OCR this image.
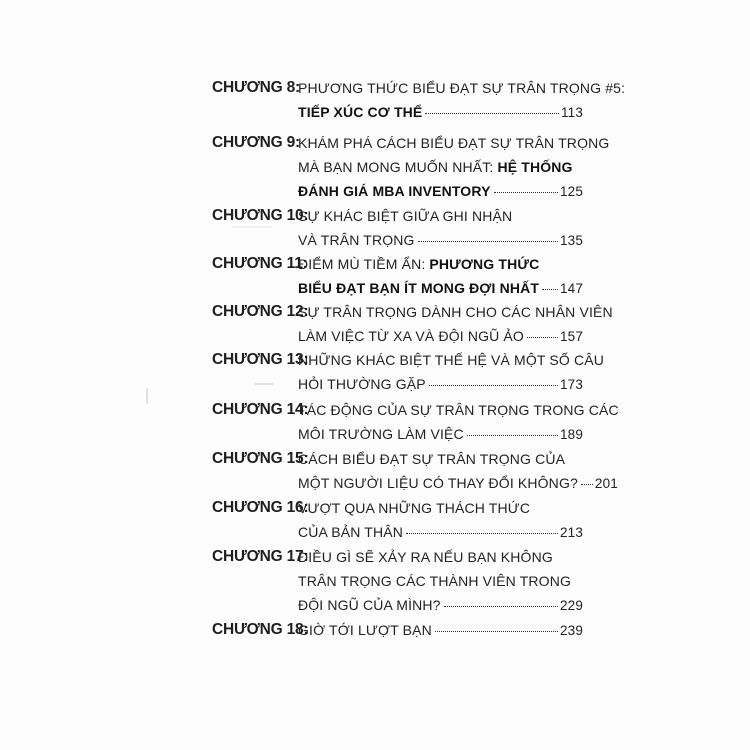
CHƯƠNG 8:
PHƯƠNG THỨC BIỂU ĐẠT SỰ TRÂN TRỌNG #5:
TIẾP XÚC CƠ THỂ	113
CHƯƠNG 9:
KHÁM PHÁ CÁCH BIỂU ĐẠT SỰ TRÂN TRỌNG
MÀ BẠN MONG MUỐN NHẤT: HỆ THỐNG
ĐÁNH GIÁ MBA INVENTORY	125
CHƯƠNG 10:
SỰ KHÁC BIỆT GIỮA GHI NHẬN
VÀ TRÂN TRỌNG	135
CHƯƠNG 11:
ĐIỂM MÙ TIỀM ẨN: PHƯƠNG THỨC
BIỂU ĐẠT BẠN ÍT MONG ĐỢI NHẤT 147
CHƯƠNG 12:
SỰ TRÂN TRỌNG DÀNH CHO CÁC NHÂN VIÊN
LÀM VIỆC TỪ XA VÀ ĐỘI NGŨ ẢO	157
CHƯƠNG 13:
NHỮNG KHÁC BIỆT THẾ HỆ VÀ MỘT SỐ CÂU
HỎI THƯỜNG GẶP	173
CHƯƠNG 14:
TÁC ĐỘNG CỦA SỰ TRÂN TRỌNG TRONG CÁC
MÔI TRƯỜNG LÀM VIỆC	189
CHƯƠNG 15:
CÁCH BIỂU ĐẠT SỰ TRÂN TRỌNG CỦA
MỘT NGƯỜI LIỆU CÓ THAY ĐỔI KHÔNG? 201
CHƯƠNG 16:
VƯỢT QUA NHỮNG THÁCH THỨC
CỦA BẢN THÂN	213
CHƯƠNG 17:
ĐIỀU GÌ SẼ XẢY RA NẾU BẠN KHÔNG
TRÂN TRỌNG CÁC THÀNH VIÊN TRONG
ĐỘI NGŨ CỦA MÌNH?	229
CHƯƠNG 18:
GIỜ TỚI LƯỢT BẠN	239
